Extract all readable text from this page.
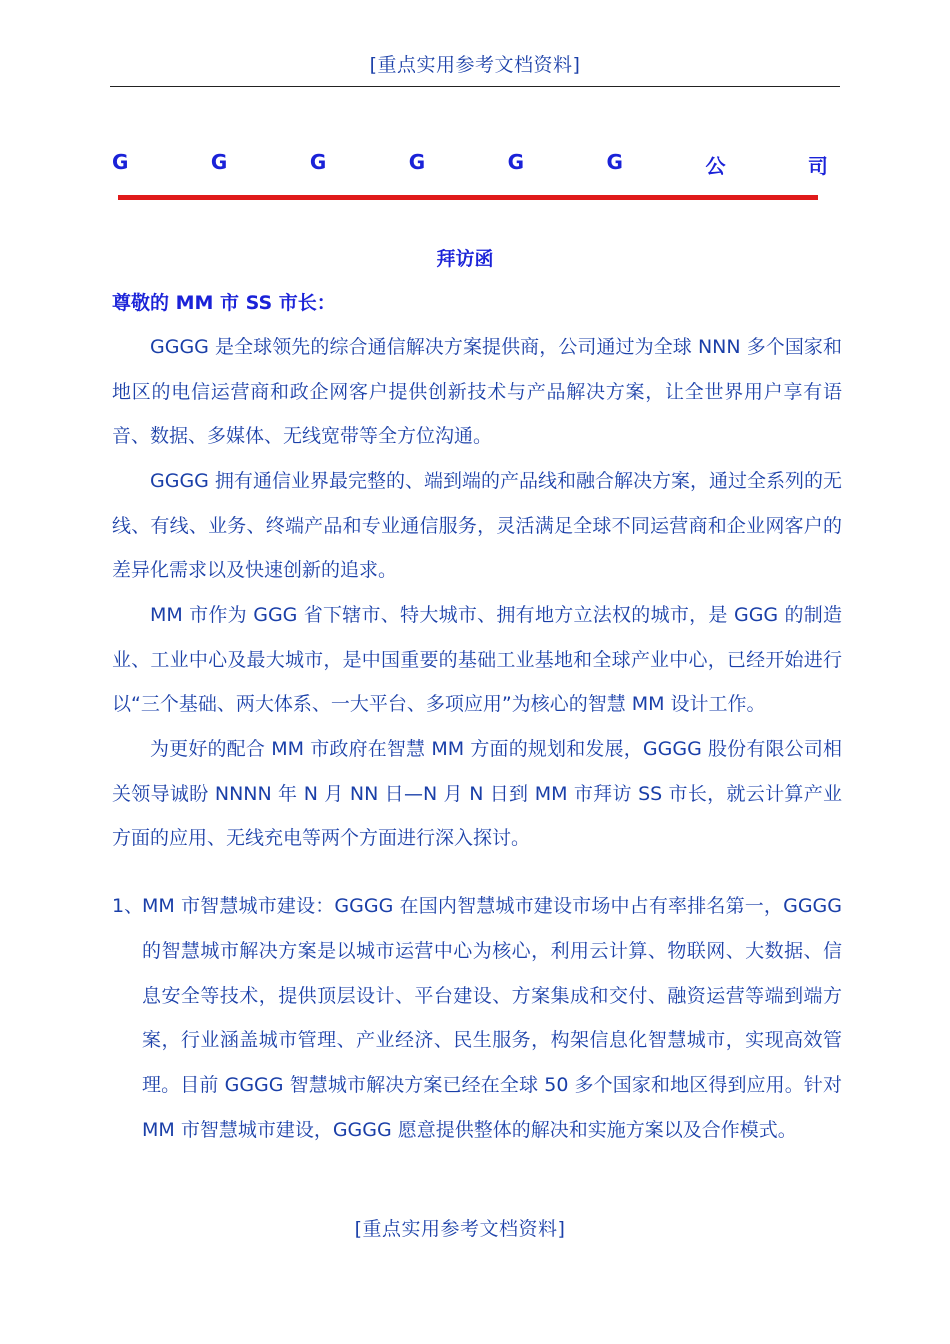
[重点实用参考文档资料]
G	G	G	G	G	G	公	司
拜访函
尊敬的 MM 市 SS 市长：

GGGG 是全球领先的综合通信解决方案提供商，公司通过为全球 NNN 多个国家和地区的电信运营商和政企网客户提供创新技术与产品解决方案，让全世界用户享有语音、数据、多媒体、无线宽带等全方位沟通。

GGGG 拥有通信业界最完整的、端到端的产品线和融合解决方案，通过全系列的无线、有线、业务、终端产品和专业通信服务，灵活满足全球不同运营商和企业网客户的差异化需求以及快速创新的追求。

MM 市作为 GGG 省下辖市、特大城市、拥有地方立法权的城市，是 GGG 的制造业、工业中心及最大城市，是中国重要的基础工业基地和全球产业中心，已经开始进行以“三个基础、两大体系、一大平台、多项应用”为核心的智慧 MM 设计工作。

为更好的配合 MM 市政府在智慧 MM 方面的规划和发展，GGGG 股份有限公司相关领导诚盼 NNNN 年 N 月 NN 日—N 月 N 日到 MM 市拜访 SS 市长，就云计算产业方面的应用、无线充电等两个方面进行深入探讨。

1、
MM 市智慧城市建设：GGGG 在国内智慧城市建设市场中占有率排名第一，GGGG 的智慧城市解决方案是以城市运营中心为核心，利用云计算、物联网、大数据、信息安全等技术，提供顶层设计、平台建设、方案集成和交付、融资运营等端到端方案，行业涵盖城市管理、产业经济、民生服务，构架信息化智慧城市，实现高效管理。目前 GGGG 智慧城市解决方案已经在全球 50 多个国家和地区得到应用。针对 MM 市智慧城市建设，GGGG 愿意提供整体的解决和实施方案以及合作模式。
[重点实用参考文档资料]
